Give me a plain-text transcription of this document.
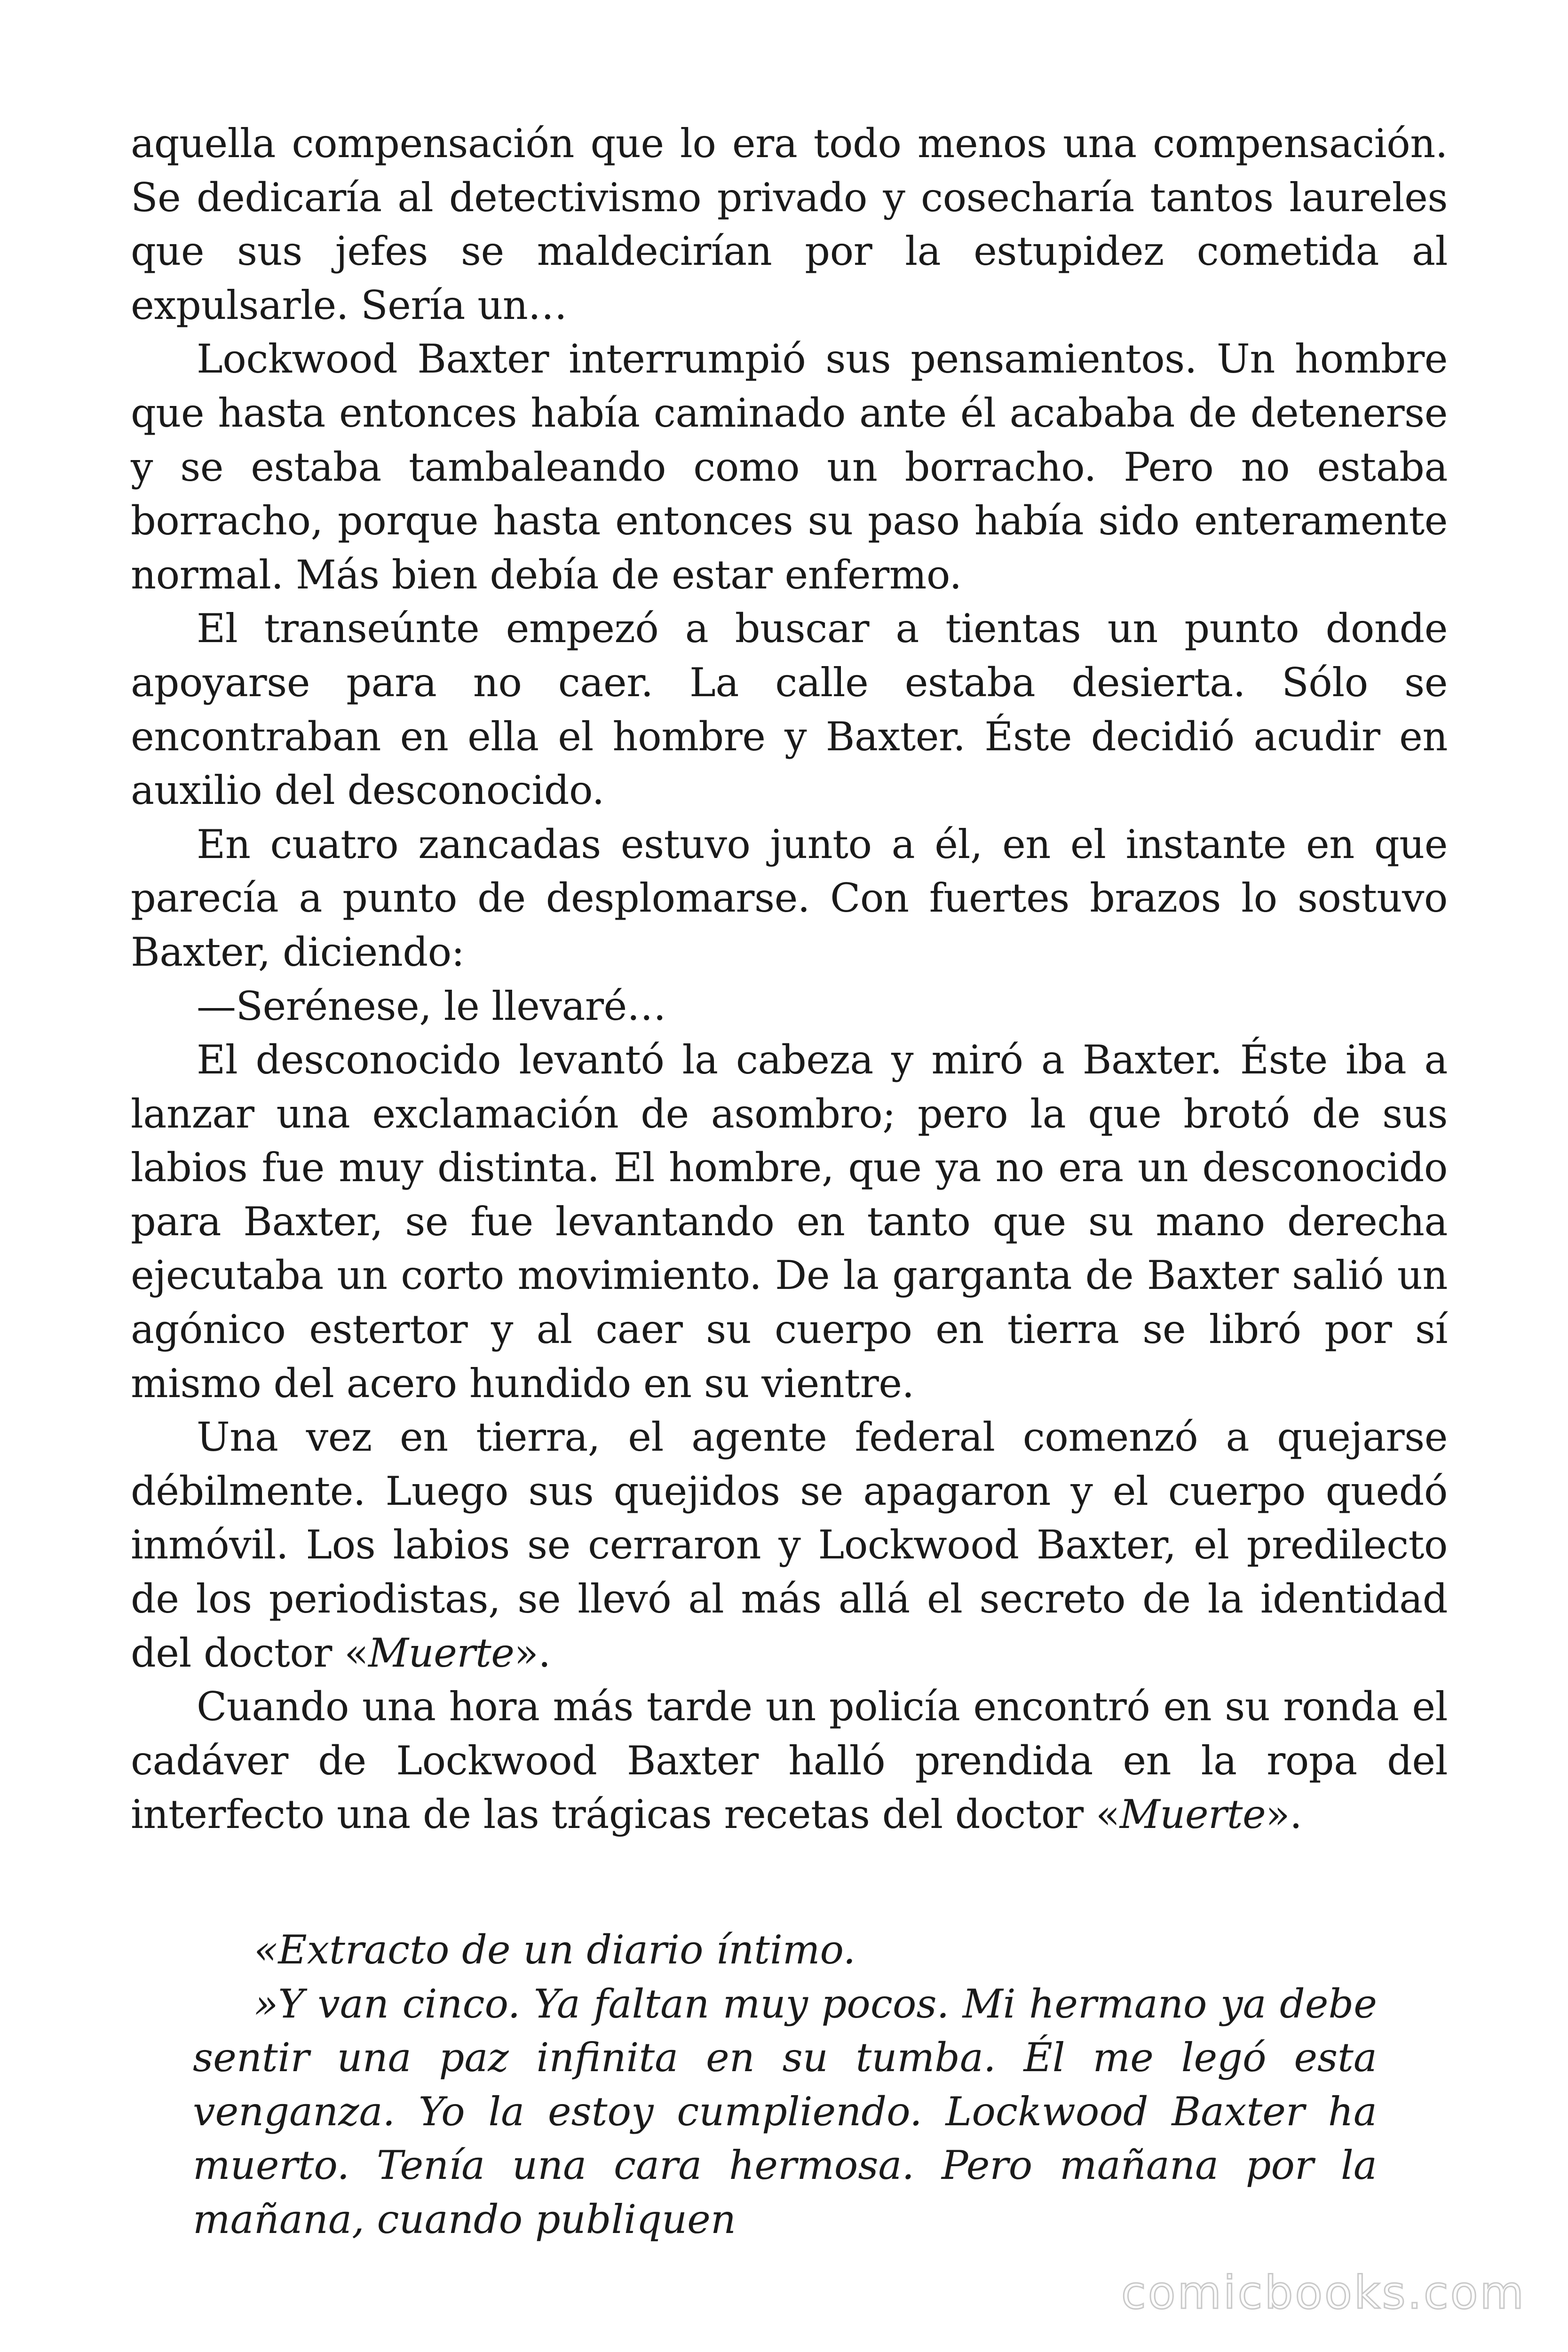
aquella compensación que lo era todo menos una compensación. Se dedicaría al detectivismo privado y cosecharía tantos laureles que sus jefes se maldecirían por la estupidez cometida al expulsarle. Sería un…

Lockwood Baxter interrumpió sus pensamientos. Un hombre que hasta entonces había caminado ante él acababa de detenerse y se estaba tambaleando como un borracho. Pero no estaba borracho, porque hasta entonces su paso había sido enteramente normal. Más bien debía de estar enfermo.

El transeúnte empezó a buscar a tientas un punto donde apoyarse para no caer. La calle estaba desierta. Sólo se encontraban en ella el hombre y Baxter. Éste decidió acudir en auxilio del desconocido.

En cuatro zancadas estuvo junto a él, en el instante en que parecía a punto de desplomarse. Con fuertes brazos lo sostuvo Baxter, diciendo:

—Serénese, le llevaré…

El desconocido levantó la cabeza y miró a Baxter. Éste iba a lanzar una exclamación de asombro; pero la que brotó de sus labios fue muy distinta. El hombre, que ya no era un desconocido para Baxter, se fue levantando en tanto que su mano derecha ejecutaba un corto movimiento. De la garganta de Baxter salió un agónico estertor y al caer su cuerpo en tierra se libró por sí mismo del acero hundido en su vientre.

Una vez en tierra, el agente federal comenzó a quejarse débilmente. Luego sus quejidos se apagaron y el cuerpo quedó inmóvil. Los labios se cerraron y Lockwood Baxter, el predilecto de los periodistas, se llevó al más allá el secreto de la identidad del doctor «Muerte».

Cuando una hora más tarde un policía encontró en su ronda el cadáver de Lockwood Baxter halló prendida en la ropa del interfecto una de las trágicas recetas del doctor «Muerte».

«Extracto de un diario íntimo.

»Y van cinco. Ya faltan muy pocos. Mi hermano ya debe sentir una paz infinita en su tumba. Él me legó esta venganza. Yo la estoy cumpliendo. Lockwood Baxter ha muerto. Tenía una cara hermosa. Pero mañana por la mañana, cuando publiquen

comicbooks.com
